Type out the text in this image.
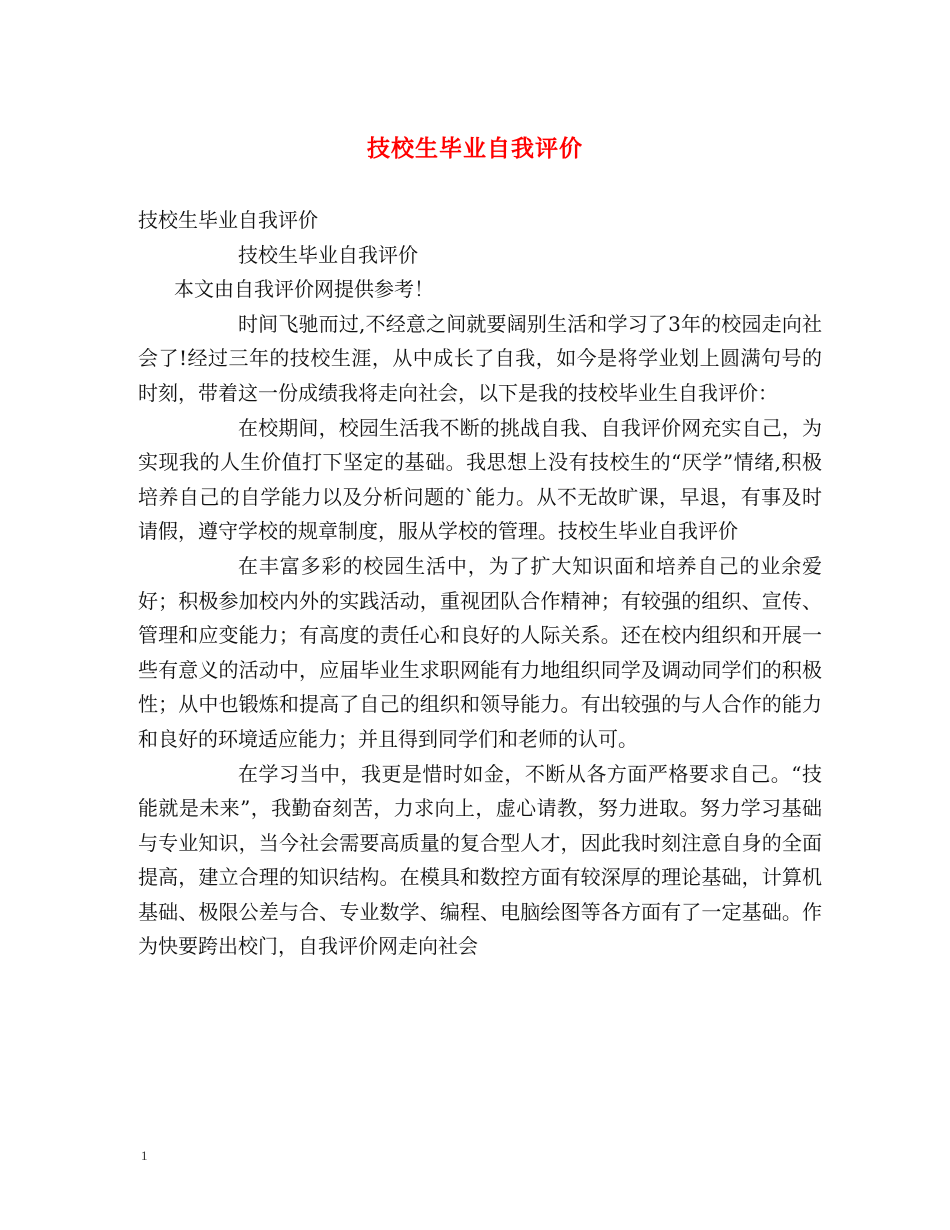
技校生毕业自我评价

技校生毕业自我评价

技校生毕业自我评价

本文由自我评价网提供参考！

时间飞驰而过,不经意之间就要阔别生活和学习了3年的校园走向社会了!经过三年的技校生涯，从中成长了自我，如今是将学业划上圆满句号的时刻，带着这一份成绩我将走向社会，以下是我的技校毕业生自我评价：

在校期间，校园生活我不断的挑战自我、自我评价网充实自己，为实现我的人生价值打下坚定的基础。我思想上没有技校生的“厌学”情绪,积极培养自己的自学能力以及分析问题的`能力。从不无故旷课，早退，有事及时请假，遵守学校的规章制度，服从学校的管理。技校生毕业自我评价

在丰富多彩的校园生活中，为了扩大知识面和培养自己的业余爱好；积极参加校内外的实践活动，重视团队合作精神；有较强的组织、宣传、管理和应变能力；有高度的责任心和良好的人际关系。还在校内组织和开展一些有意义的活动中，应届毕业生求职网能有力地组织同学及调动同学们的积极性；从中也锻炼和提高了自己的组织和领导能力。有出较强的与人合作的能力和良好的环境适应能力；并且得到同学们和老师的认可。

在学习当中，我更是惜时如金，不断从各方面严格要求自己。“技能就是未来”，我勤奋刻苦，力求向上，虚心请教，努力进取。努力学习基础与专业知识，当今社会需要高质量的复合型人才，因此我时刻注意自身的全面提高，建立合理的知识结构。在模具和数控方面有较深厚的理论基础，计算机基础、极限公差与合、专业数学、编程、电脑绘图等各方面有了一定基础。作为快要跨出校门，自我评价网走向社会

1
